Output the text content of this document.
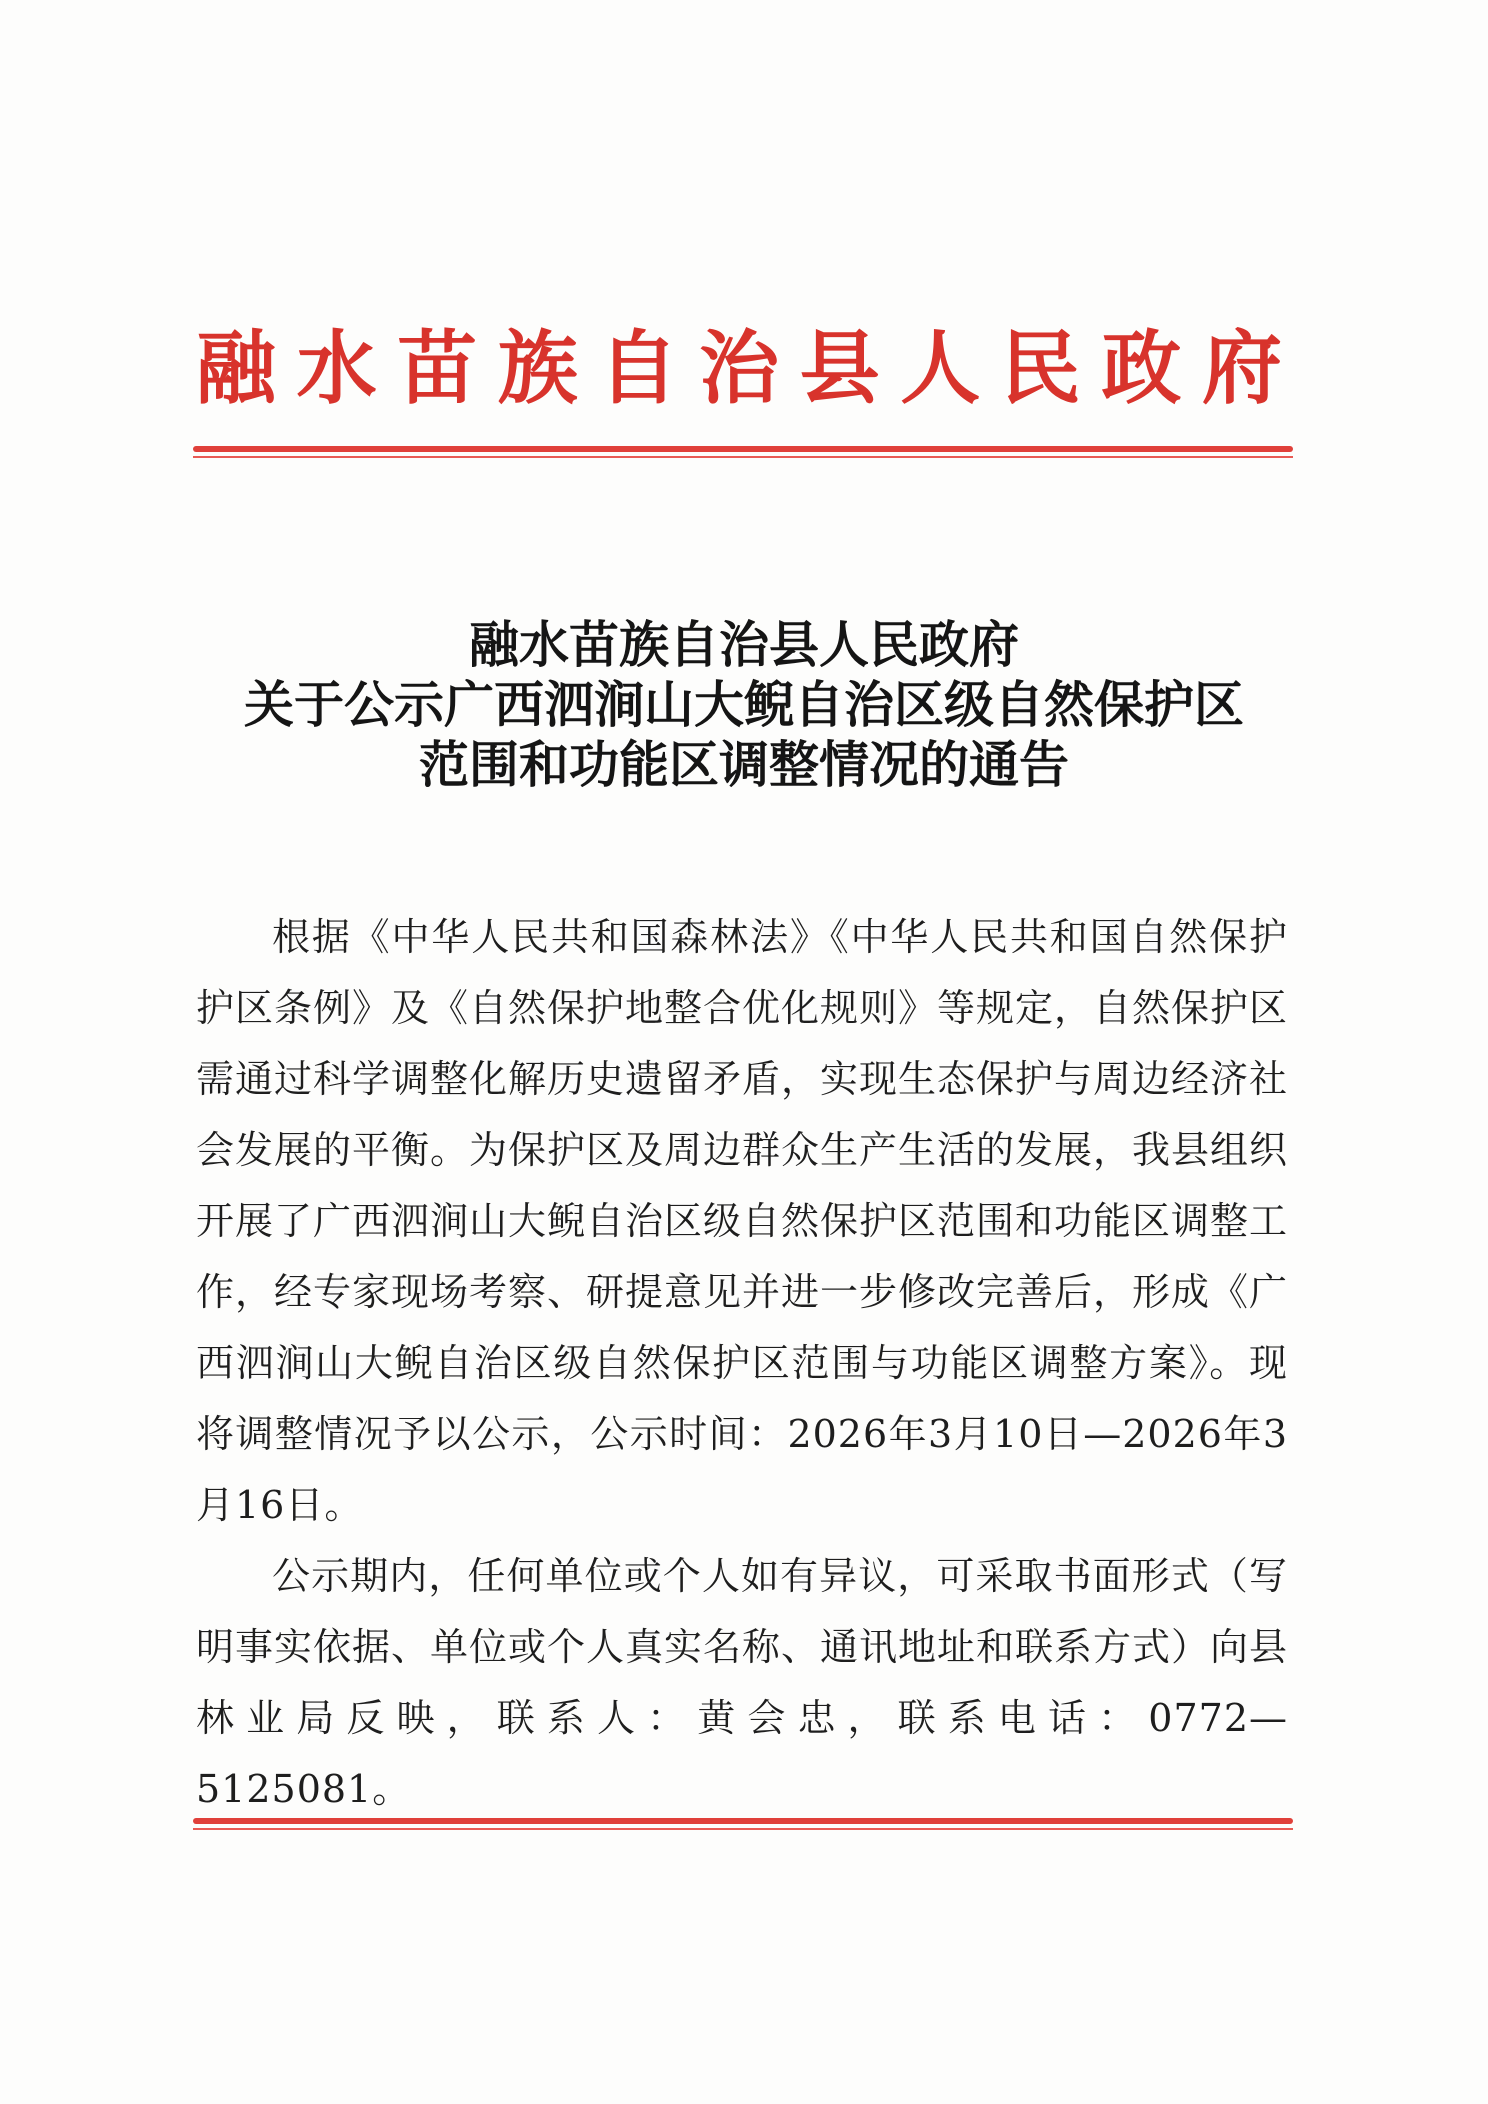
融水苗族自治县人民政府
融水苗族自治县人民政府
关于公示广西泗涧山大鲵自治区级自然保护区
范围和功能区调整情况的通告

根据《中华人民共和国森林法》《中华人民共和国自然保护护区条例》及《自然保护地整合优化规则》等规定，自然保护区需通过科学调整化解历史遗留矛盾，实现生态保护与周边经济社会发展的平衡。为保护区及周边群众生产生活的发展，我县组织开展了广西泗涧山大鲵自治区级自然保护区范围和功能区调整工作，经专家现场考察、研提意见并进一步修改完善后，形成《广西泗涧山大鲵自治区级自然保护区范围与功能区调整方案》。现将调整情况予以公示，公示时间：2026年3月10日—2026年3月16日。

公示期内，任何单位或个人如有异议，可采取书面形式（写明事实依据、单位或个人真实名称、通讯地址和联系方式）向县林业局反映，联系人：黄会忠，联系电话：0772—5125081。
